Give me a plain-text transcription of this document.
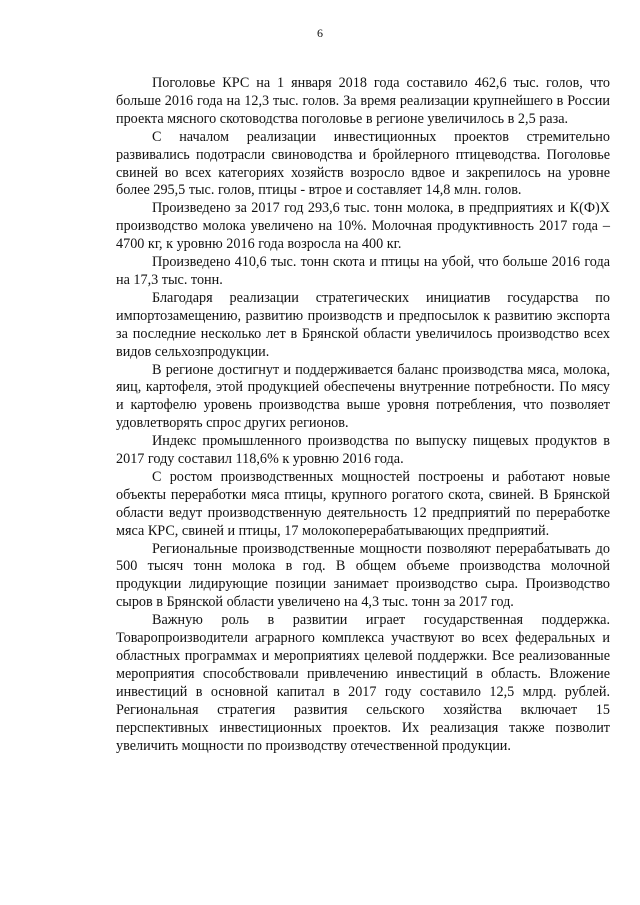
6

Поголовье КРС на 1 января 2018 года составило 462,6 тыс. голов, что больше 2016 года на 12,3 тыс. голов. За время реализации крупнейшего в России проекта мясного скотоводства поголовье в регионе увеличилось в 2,5 раза.

С началом реализации инвестиционных проектов стремительно развивались подотрасли свиноводства и бройлерного птицеводства. Поголовье свиней во всех категориях хозяйств возросло вдвое и закрепилось на уровне более 295,5 тыс. голов, птицы - втрое и составляет 14,8 млн. голов.

Произведено за 2017 год 293,6 тыс. тонн молока, в предприятиях и К(Ф)Х производство молока увеличено на 10%. Молочная продуктивность 2017 года – 4700 кг, к уровню 2016 года возросла на 400 кг.

Произведено 410,6 тыс. тонн скота и птицы на убой, что больше 2016 года на 17,3 тыс. тонн.

Благодаря реализации стратегических инициатив государства по импортозамещению, развитию производств и предпосылок к развитию экспорта за последние несколько лет в Брянской области увеличилось производство всех видов сельхозпродукции.

В регионе достигнут и поддерживается баланс производства мяса, молока, яиц, картофеля, этой продукцией обеспечены внутренние потребности. По мясу и картофелю уровень производства выше уровня потребления, что позволяет удовлетворять спрос других регионов.

Индекс промышленного производства по выпуску пищевых продуктов в 2017 году составил 118,6% к уровню 2016 года.

С ростом производственных мощностей построены и работают новые объекты переработки мяса птицы, крупного рогатого скота, свиней. В Брянской области ведут производственную деятельность 12 предприятий по переработке мяса КРС, свиней и птицы, 17 молокоперерабатывающих предприятий.

Региональные производственные мощности позволяют перерабатывать до 500 тысяч тонн молока в год. В общем объеме производства молочной продукции лидирующие позиции занимает производство сыра. Производство сыров в Брянской области увеличено на 4,3 тыс. тонн за 2017 год.

Важную роль в развитии играет государственная поддержка. Товаропроизводители аграрного комплекса участвуют во всех федеральных и областных программах и мероприятиях целевой поддержки. Все реализованные мероприятия способствовали привлечению инвестиций в область. Вложение инвестиций в основной капитал в 2017 году составило 12,5 млрд. рублей. Региональная стратегия развития сельского хозяйства включает 15 перспективных инвестиционных проектов. Их реализация также позволит увеличить мощности по производству отечественной продукции.
